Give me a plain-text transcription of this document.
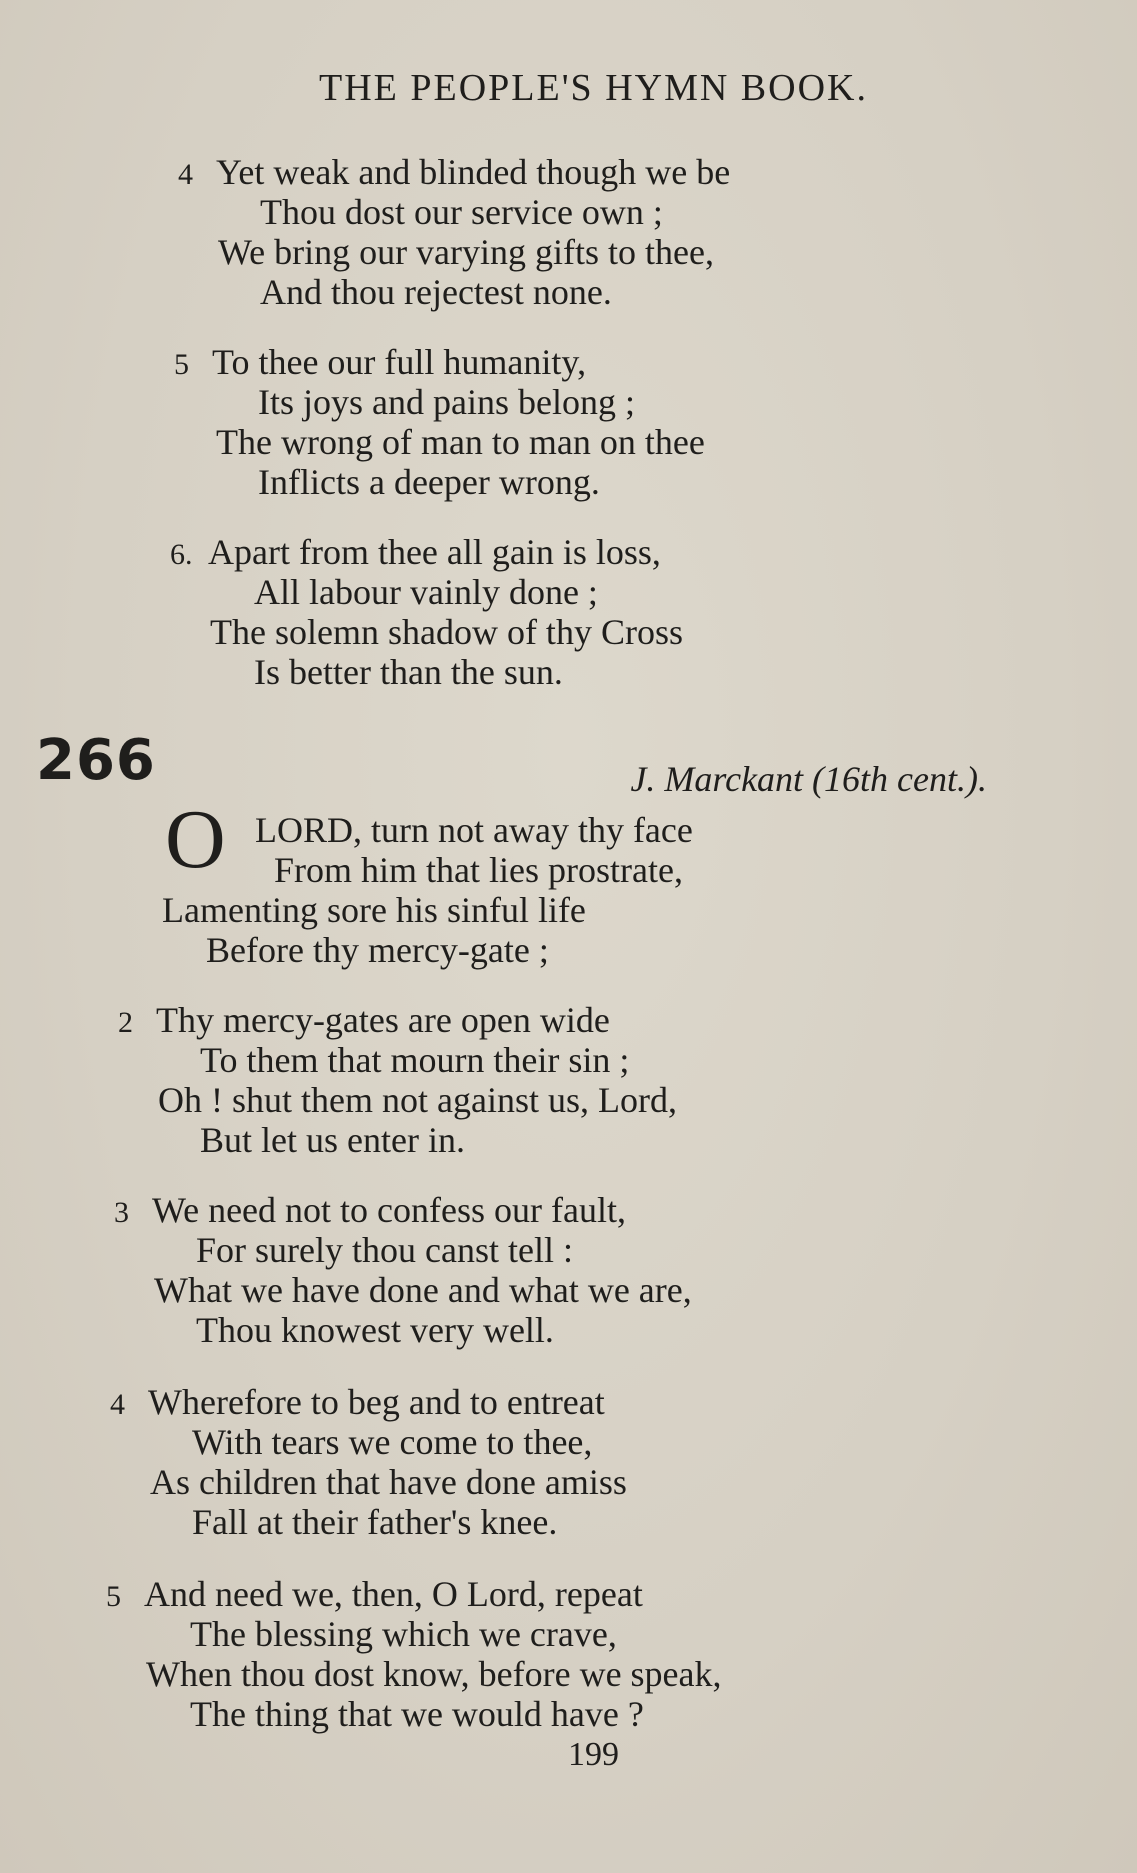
THE PEOPLE'S HYMN BOOK.
4 Yet weak and blinded though we be
Thou dost our service own ;
We bring our varying gifts to thee,
And thou rejectest none.
5 To thee our full humanity,
Its joys and pains belong ;
The wrong of man to man on thee
Inflicts a deeper wrong.
6. Apart from thee all gain is loss,
All labour vainly done ;
The solemn shadow of thy Cross
Is better than the sun.
266	J. Marckant (16th cent.).
O LORD, turn not away thy face
From him that lies prostrate,
Lamenting sore his sinful life
Before thy mercy-gate ;
2 Thy mercy-gates are open wide
To them that mourn their sin ;
Oh ! shut them not against us, Lord,
But let us enter in.
3 We need not to confess our fault,
For surely thou canst tell :
What we have done and what we are,
Thou knowest very well.
4 Wherefore to beg and to entreat
With tears we come to thee,
As children that have done amiss
Fall at their father's knee.
5 And need we, then, O Lord, repeat
The blessing which we crave,
When thou dost know, before we speak,
The thing that we would have ?
199
